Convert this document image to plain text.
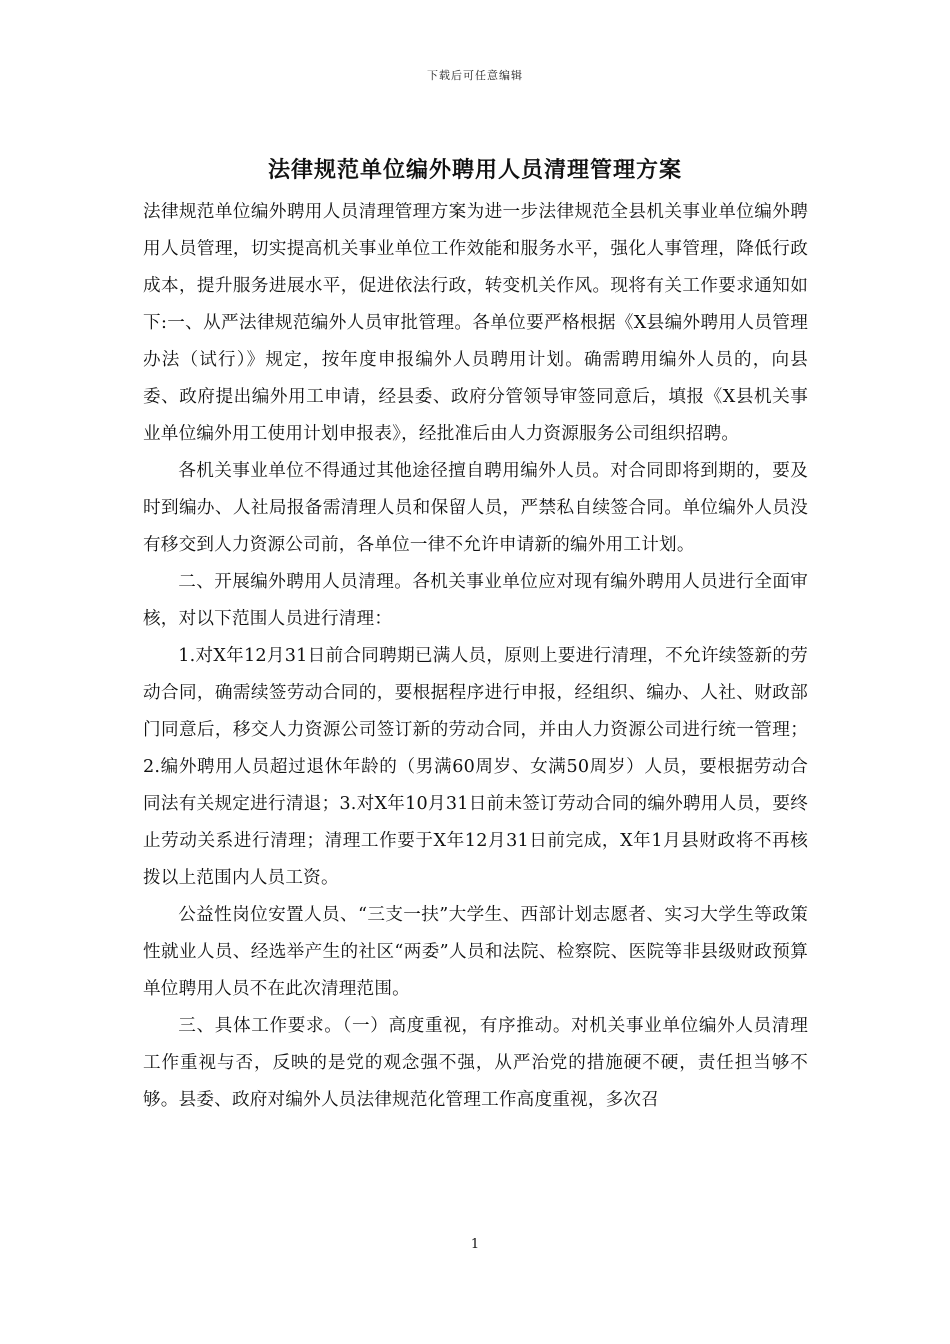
下载后可任意编辑
法律规范单位编外聘用人员清理管理方案

法律规范单位编外聘用人员清理管理方案为进一步法律规范全县机关事业单位编外聘用人员管理，切实提高机关事业单位工作效能和服务水平，强化人事管理，降低行政成本，提升服务进展水平，促进依法行政，转变机关作风。现将有关工作要求通知如下:一、从严法律规范编外人员审批管理。各单位要严格根据《X县编外聘用人员管理办法（试行）》规定，按年度申报编外人员聘用计划。确需聘用编外人员的，向县委、政府提出编外用工申请，经县委、政府分管领导审签同意后，填报《X县机关事业单位编外用工使用计划申报表》，经批准后由人力资源服务公司组织招聘。

各机关事业单位不得通过其他途径擅自聘用编外人员。对合同即将到期的，要及时到编办、人社局报备需清理人员和保留人员，严禁私自续签合同。单位编外人员没有移交到人力资源公司前，各单位一律不允许申请新的编外用工计划。

二、开展编外聘用人员清理。各机关事业单位应对现有编外聘用人员进行全面审核，对以下范围人员进行清理：

1.对X年12月31日前合同聘期已满人员，原则上要进行清理，不允许续签新的劳动合同，确需续签劳动合同的，要根据程序进行申报，经组织、编办、人社、财政部门同意后，移交人力资源公司签订新的劳动合同，并由人力资源公司进行统一管理；2.编外聘用人员超过退休年龄的（男满60周岁、女满50周岁）人员，要根据劳动合同法有关规定进行清退；3.对X年10月31日前未签订劳动合同的编外聘用人员，要终止劳动关系进行清理；清理工作要于X年12月31日前完成，X年1月县财政将不再核拨以上范围内人员工资。

公益性岗位安置人员、“三支一扶”大学生、西部计划志愿者、实习大学生等政策性就业人员、经选举产生的社区“两委”人员和法院、检察院、医院等非县级财政预算单位聘用人员不在此次清理范围。

三、具体工作要求。（一）高度重视，有序推动。对机关事业单位编外人员清理工作重视与否，反映的是党的观念强不强，从严治党的措施硬不硬，责任担当够不够。县委、政府对编外人员法律规范化管理工作高度重视，多次召

1
